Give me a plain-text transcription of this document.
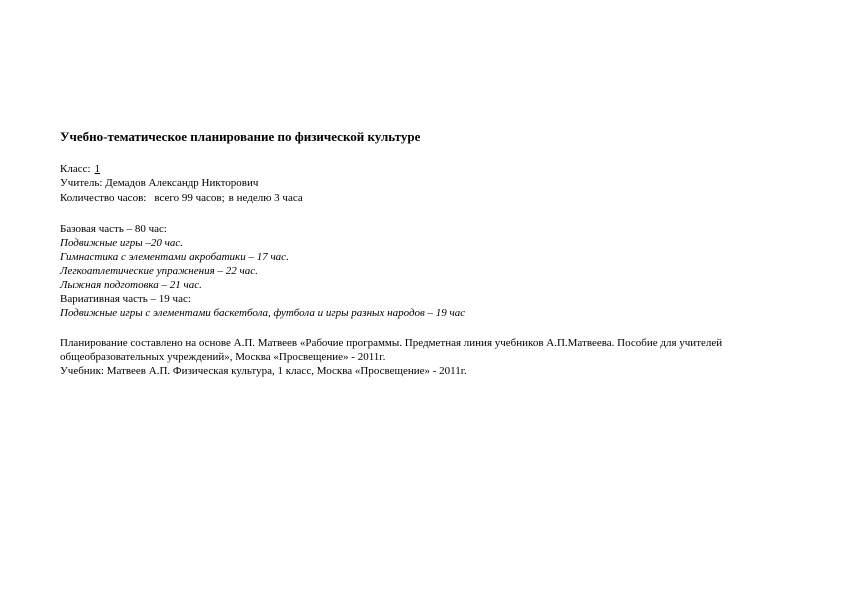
Учебно-тематическое планирование по физической культуре
Класс: 1
Учитель: Демадов Александр Никторович
Количество часов: всего 99 часов; в неделю 3 часа
Базовая часть – 80 час:
Подвижные игры –20 час.
Гимнастика с элементами акробатики – 17 час.
Легкоатлетические упражнения – 22 час.
Лыжная подготовка – 21 час.
Вариативная часть – 19 час:
Подвижные игры с элементами баскетбола, футбола и игры разных народов – 19 час
Планирование составлено на основе А.П. Матвеев «Рабочие программы. Предметная линия учебников А.П.Матвеева. Пособие для учителей
общеобразовательных учреждений», Москва «Просвещение» - 2011г.
Учебник: Матвеев А.П. Физическая культура, 1 класс, Москва «Просвещение» - 2011г.
